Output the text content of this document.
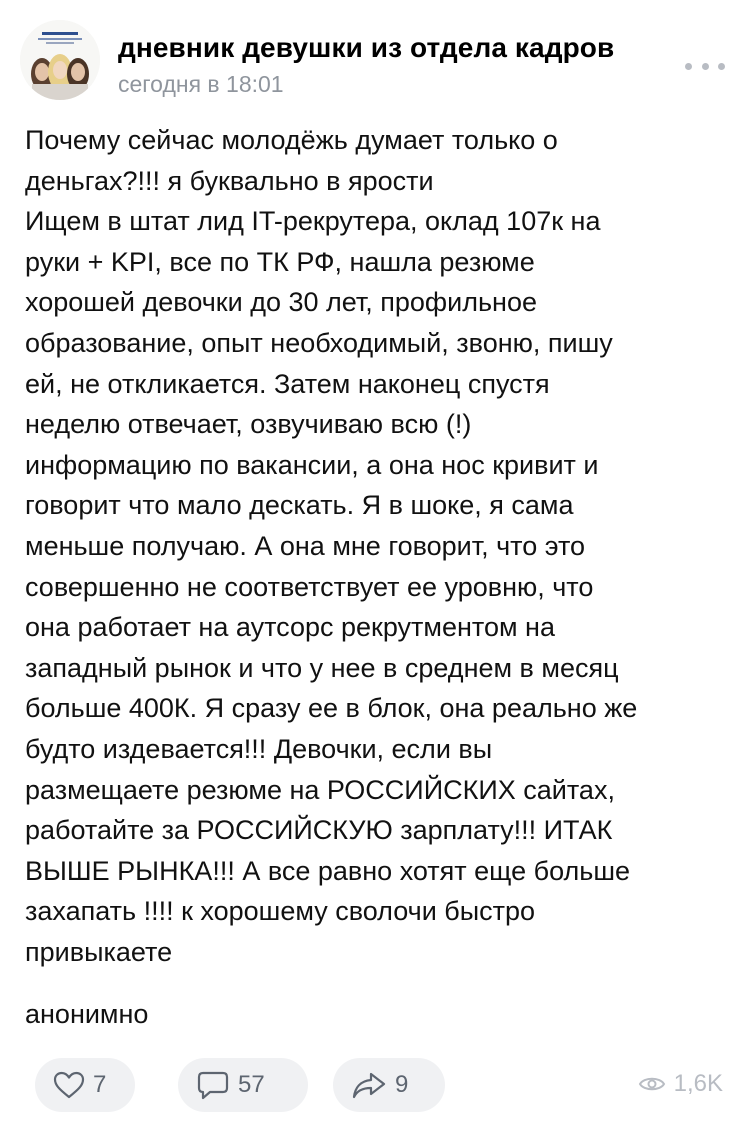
дневник девушки из отдела кадров
сегодня в 18:01
Почему сейчас молодёжь думает только о
деньгах?!!! я буквально в ярости
Ищем в штат лид IT-рекрутера, оклад 107к на
руки + KPI, все по ТК РФ, нашла резюме
хорошей девочки до 30 лет, профильное
образование, опыт необходимый, звоню, пишу
ей, не откликается. Затем наконец спустя
неделю отвечает, озвучиваю всю (!)
информацию по вакансии, а она нос кривит и
говорит что мало дескать. Я в шоке, я сама
меньше получаю. А она мне говорит, что это
совершенно не соответствует ее уровню, что
она работает на аутсорс рекрутментом на
западный рынок и что у нее в среднем в месяц
больше 400К. Я сразу ее в блок, она реально же
будто издевается!!! Девочки, если вы
размещаете резюме на РОССИЙСКИХ сайтах,
работайте за РОССИЙСКУЮ зарплату!!! ИТАК
ВЫШЕ РЫНКА!!! А все равно хотят еще больше
захапать !!!! к хорошему сволочи быстро
привыкаете
анонимно
7	57	9	1,6K
